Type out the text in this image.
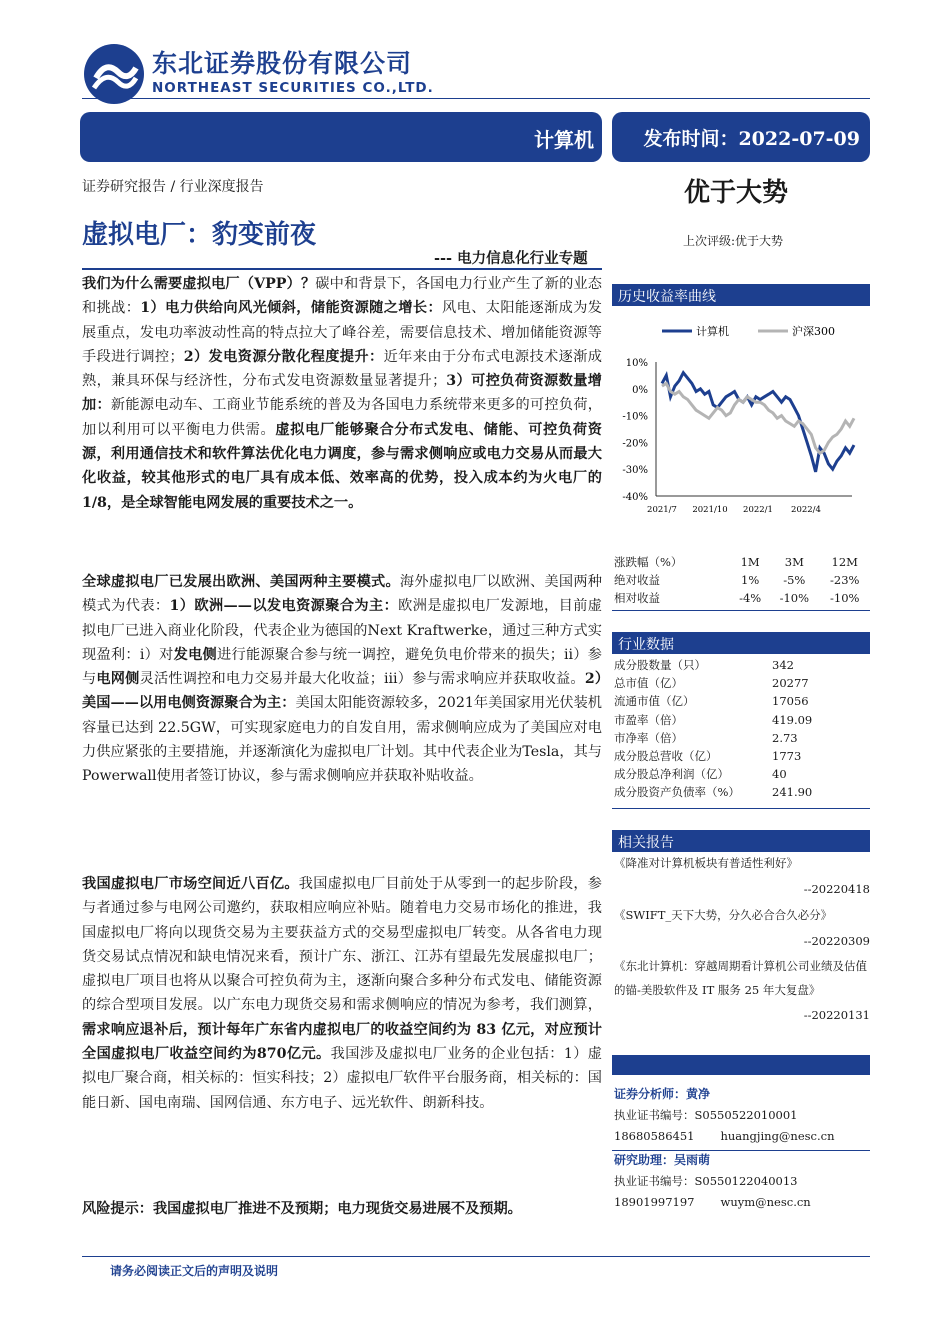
东北证券股份有限公司
NORTHEAST SECURITIES CO.,LTD.
计算机	发布时间：2022-07-09
证券研究报告 / 行业深度报告	优于大势
虚拟电厂：豹变前夜	上次评级:优于大势
--- 电力信息化行业专题
我们为什么需要虚拟电厂（VPP）？碳中和背景下，各国电力行业产生了新的业态和挑战：1）电力供给向风光倾斜，储能资源随之增长：风电、太阳能逐渐成为发展重点，发电功率波动性高的特点拉大了峰谷差，需要信息技术、增加储能资源等手段进行调控；2）发电资源分散化程度提升：近年来由于分布式电源技术逐渐成熟，兼具环保与经济性，分布式发电资源数量显著提升；3）可控负荷资源数量增加：新能源电动车、工商业节能系统的普及为各国电力系统带来更多的可控负荷，加以利用可以平衡电力供需。虚拟电厂能够聚合分布式发电、储能、可控负荷资源，利用通信技术和软件算法优化电力调度，参与需求侧响应或电力交易从而最大化收益，较其他形式的电厂具有成本低、效率高的优势，投入成本约为火电厂的1/8，是全球智能电网发展的重要技术之一。
全球虚拟电厂已发展出欧洲、美国两种主要模式。海外虚拟电厂以欧洲、美国两种模式为代表：1）欧洲——以发电资源聚合为主：欧洲是虚拟电厂发源地，目前虚拟电厂已进入商业化阶段，代表企业为德国的Next Kraftwerke，通过三种方式实现盈利：i）对发电侧进行能源聚合参与统一调控，避免负电价带来的损失；ii）参与电网侧灵活性调控和电力交易并最大化收益；iii）参与需求响应并获取收益。2）美国——以用电侧资源聚合为主：美国太阳能资源较多，2021年美国家用光伏装机容量已达到 22.5GW，可实现家庭电力的自发自用，需求侧响应成为了美国应对电力供应紧张的主要措施，并逐渐演化为虚拟电厂计划。其中代表企业为Tesla，其与Powerwall使用者签订协议，参与需求侧响应并获取补贴收益。
我国虚拟电厂市场空间近八百亿。我国虚拟电厂目前处于从零到一的起步阶段，参与者通过参与电网公司邀约，获取相应响应补贴。随着电力交易市场化的推进，我国虚拟电厂将向以现货交易为主要获益方式的交易型虚拟电厂转变。从各省电力现货交易试点情况和缺电情况来看，预计广东、浙江、江苏有望最先发展虚拟电厂；虚拟电厂项目也将从以聚合可控负荷为主，逐渐向聚合多种分布式发电、储能资源的综合型项目发展。以广东电力现货交易和需求侧响应的情况为参考，我们测算，需求响应退补后，预计每年广东省内虚拟电厂的收益空间约为 83 亿元，对应预计全国虚拟电厂收益空间约为870亿元。我国涉及虚拟电厂业务的企业包括：1）虚拟电厂聚合商，相关标的：恒实科技；2）虚拟电厂软件平台服务商，相关标的：国能日新、国电南瑞、国网信通、东方电子、远光软件、朗新科技。
风险提示：我国虚拟电厂推进不及预期；电力现货交易进展不及预期。
历史收益率曲线
10%
0%
-10%
-20%
-30%
-40%
2021/7 2021/10 2022/1 2022/4
计算机	沪深300
涨跌幅（%）	1M	3M	12M
绝对收益	1%	-5%	-23%
相对收益	-4%	-10%	-10%
行业数据
成分股数量（只）	342
总市值（亿）	20277
流通市值（亿）	17056
市盈率（倍）	419.09
市净率（倍）	2.73
成分股总营收（亿）	1773
成分股总净利润（亿）	40
成分股资产负债率（%）	241.90
相关报告
《降准对计算机板块有普适性利好》
--20220418
《SWIFT_天下大势，分久必合合久必分》
--20220309
《东北计算机：穿越周期看计算机公司业绩及估值的锚-美股软件及 IT 服务 25 年大复盘》
--20220131
证券分析师：黄净
执业证书编号：S0550522010001
18680586451 huangjing@nesc.cn
研究助理：吴雨萌
执业证书编号：S0550122040013
18901997197 wuym@nesc.cn
请务必阅读正文后的声明及说明
